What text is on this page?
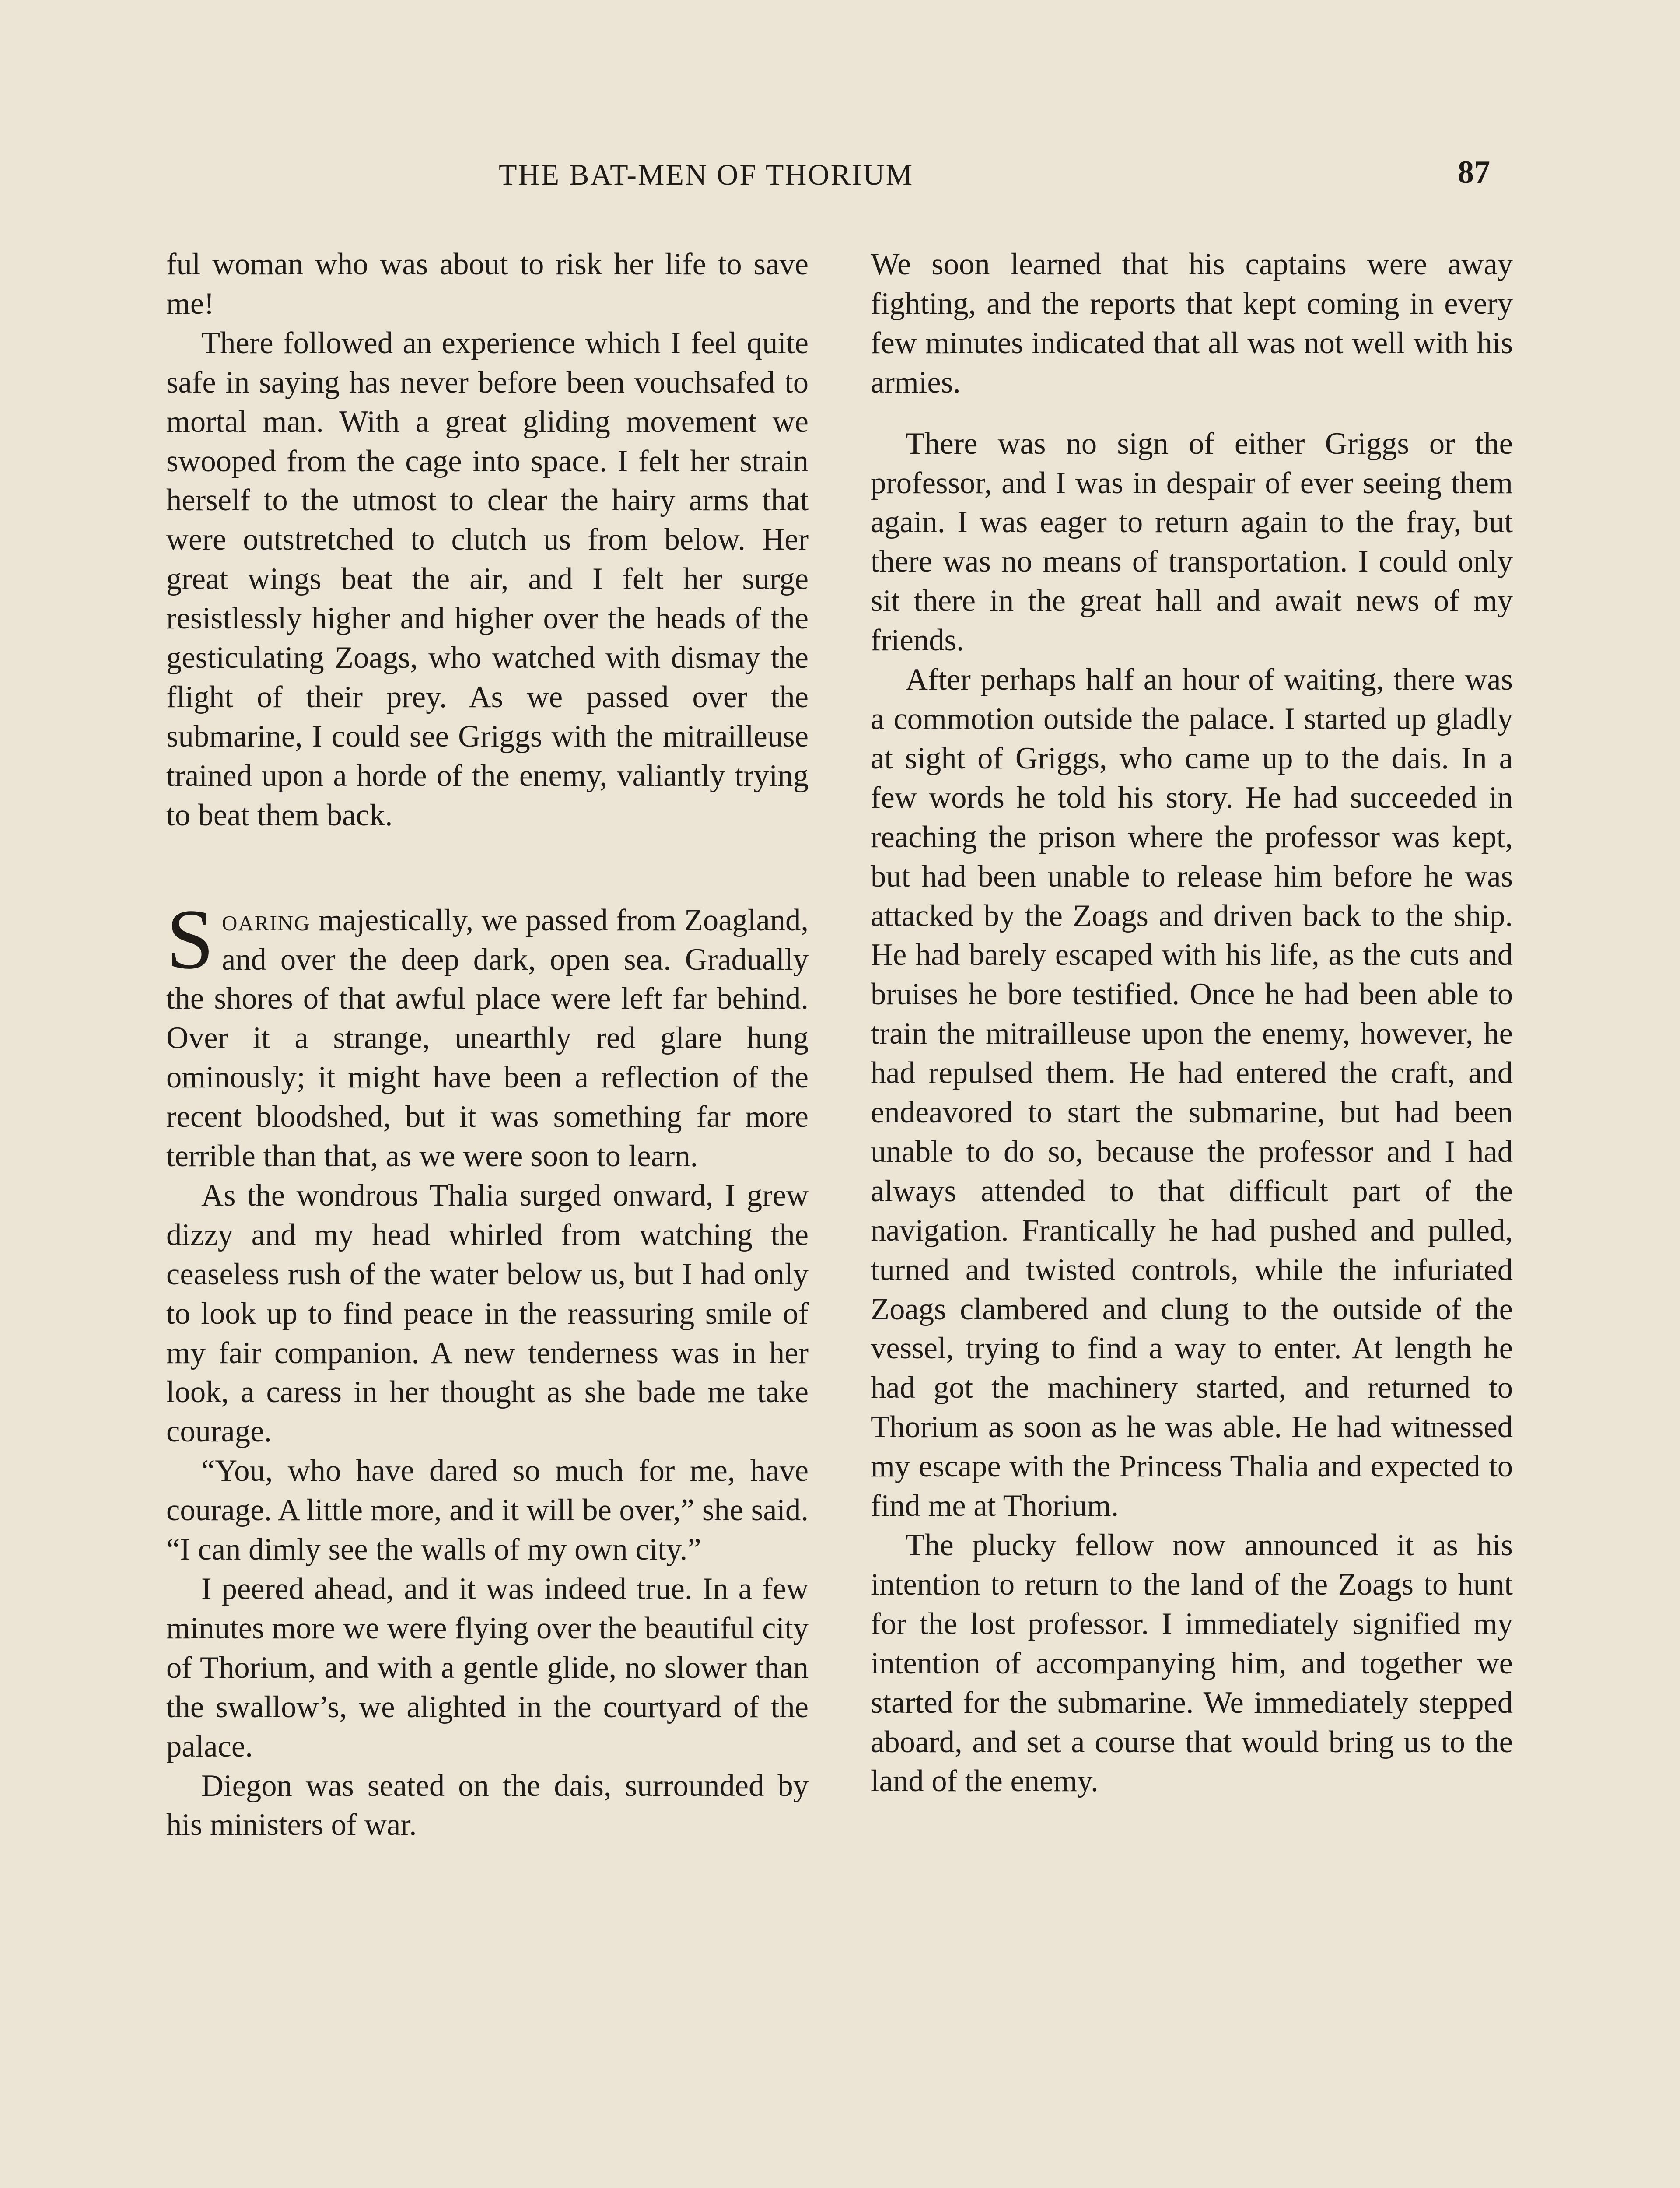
THE BAT-MEN OF THORIUM	87

ful woman who was about to risk her life to save me!

There followed an experience which I feel quite safe in saying has never before been vouchsafed to mortal man. With a great gliding movement we swooped from the cage into space. I felt her strain herself to the utmost to clear the hairy arms that were outstretched to clutch us from below. Her great wings beat the air, and I felt her surge resistlessly higher and higher over the heads of the gesticulating Zoags, who watched with dismay the flight of their prey. As we passed over the submarine, I could see Griggs with the mitrailleuse trained upon a horde of the enemy, valiantly trying to beat them back.

Soaring majestically, we passed from Zoagland, and over the deep dark, open sea. Gradually the shores of that awful place were left far behind. Over it a strange, unearthly red glare hung ominously; it might have been a reflection of the recent bloodshed, but it was something far more terrible than that, as we were soon to learn.

As the wondrous Thalia surged onward, I grew dizzy and my head whirled from watching the ceaseless rush of the water below us, but I had only to look up to find peace in the reassuring smile of my fair companion. A new tenderness was in her look, a caress in her thought as she bade me take courage.

“You, who have dared so much for me, have courage. A little more, and it will be over,” she said. “I can dimly see the walls of my own city.”

I peered ahead, and it was indeed true. In a few minutes more we were flying over the beautiful city of Thorium, and with a gentle glide, no slower than the swallow’s, we alighted in the courtyard of the palace.

Diegon was seated on the dais, surrounded by his ministers of war.

We soon learned that his captains were away fighting, and the reports that kept coming in every few minutes indicated that all was not well with his armies.

There was no sign of either Griggs or the professor, and I was in despair of ever seeing them again. I was eager to return again to the fray, but there was no means of transportation. I could only sit there in the great hall and await news of my friends.

After perhaps half an hour of waiting, there was a commotion outside the palace. I started up gladly at sight of Griggs, who came up to the dais. In a few words he told his story. He had succeeded in reaching the prison where the professor was kept, but had been unable to release him before he was attacked by the Zoags and driven back to the ship. He had barely escaped with his life, as the cuts and bruises he bore testified. Once he had been able to train the mitrailleuse upon the enemy, however, he had repulsed them. He had entered the craft, and endeavored to start the submarine, but had been unable to do so, because the professor and I had always attended to that difficult part of the navigation. Frantically he had pushed and pulled, turned and twisted controls, while the infuriated Zoags clambered and clung to the outside of the vessel, trying to find a way to enter. At length he had got the machinery started, and returned to Thorium as soon as he was able. He had witnessed my escape with the Princess Thalia and expected to find me at Thorium.

The plucky fellow now announced it as his intention to return to the land of the Zoags to hunt for the lost professor. I immediately signified my intention of accompanying him, and together we started for the submarine. We immediately stepped aboard, and set a course that would bring us to the land of the enemy.
